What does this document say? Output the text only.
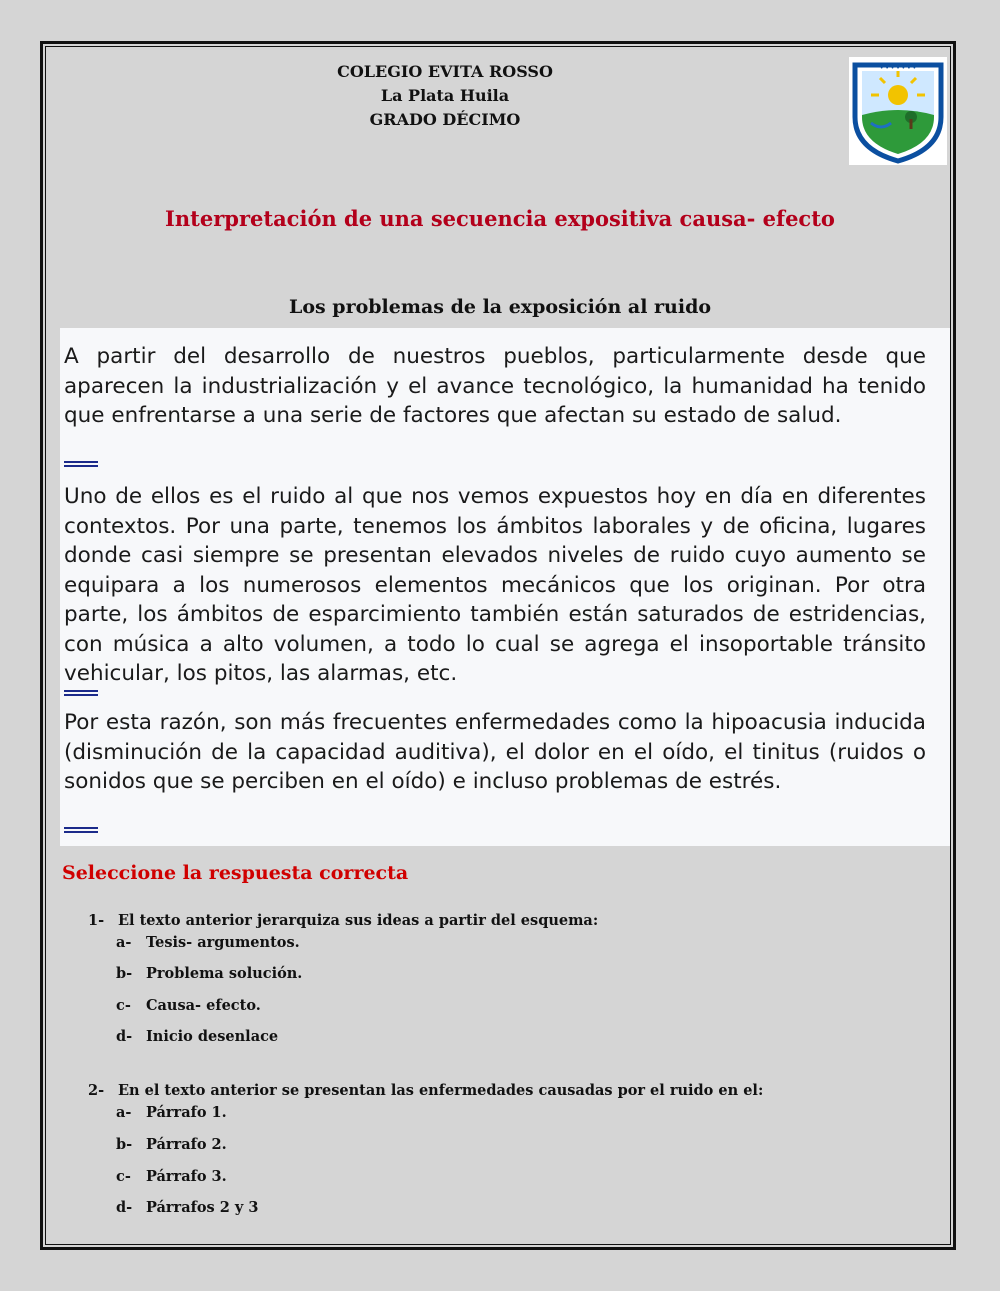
COLEGIO EVITA ROSSO
La Plata Huila
GRADO DÉCIMO
• • • • • • •
Interpretación de una secuencia expositiva causa- efecto
Los problemas de la exposición al ruido
A partir del desarrollo de nuestros pueblos, particularmente desde que aparecen la industrialización y el avance tecnológico, la humanidad ha tenido que enfrentarse a una serie de factores que afectan su estado de salud.
Uno de ellos es el ruido al que nos vemos expuestos hoy en día en diferentes contextos. Por una parte, tenemos los ámbitos laborales y de oficina, lugares donde casi siempre se presentan elevados niveles de ruido cuyo aumento se equipara a los numerosos elementos mecánicos que los originan. Por otra parte, los ámbitos de esparcimiento también están saturados de estridencias, con música a alto volumen, a todo lo cual se agrega el insoportable tránsito vehicular, los pitos, las alarmas, etc.
Por esta razón, son más frecuentes enfermedades como la hipoacusia inducida (disminución de la capacidad auditiva), el dolor en el oído, el tinitus (ruidos o sonidos que se perciben en el oído) e incluso problemas de estrés.
Seleccione la respuesta correcta
1- El texto anterior jerarquiza sus ideas a partir del esquema:
a- Tesis- argumentos.
b- Problema solución.
c- Causa- efecto.
d- Inicio desenlace
2- En el texto anterior se presentan las enfermedades causadas por el ruido en el:
a- Párrafo 1.
b- Párrafo 2.
c- Párrafo 3.
d- Párrafos 2 y 3
